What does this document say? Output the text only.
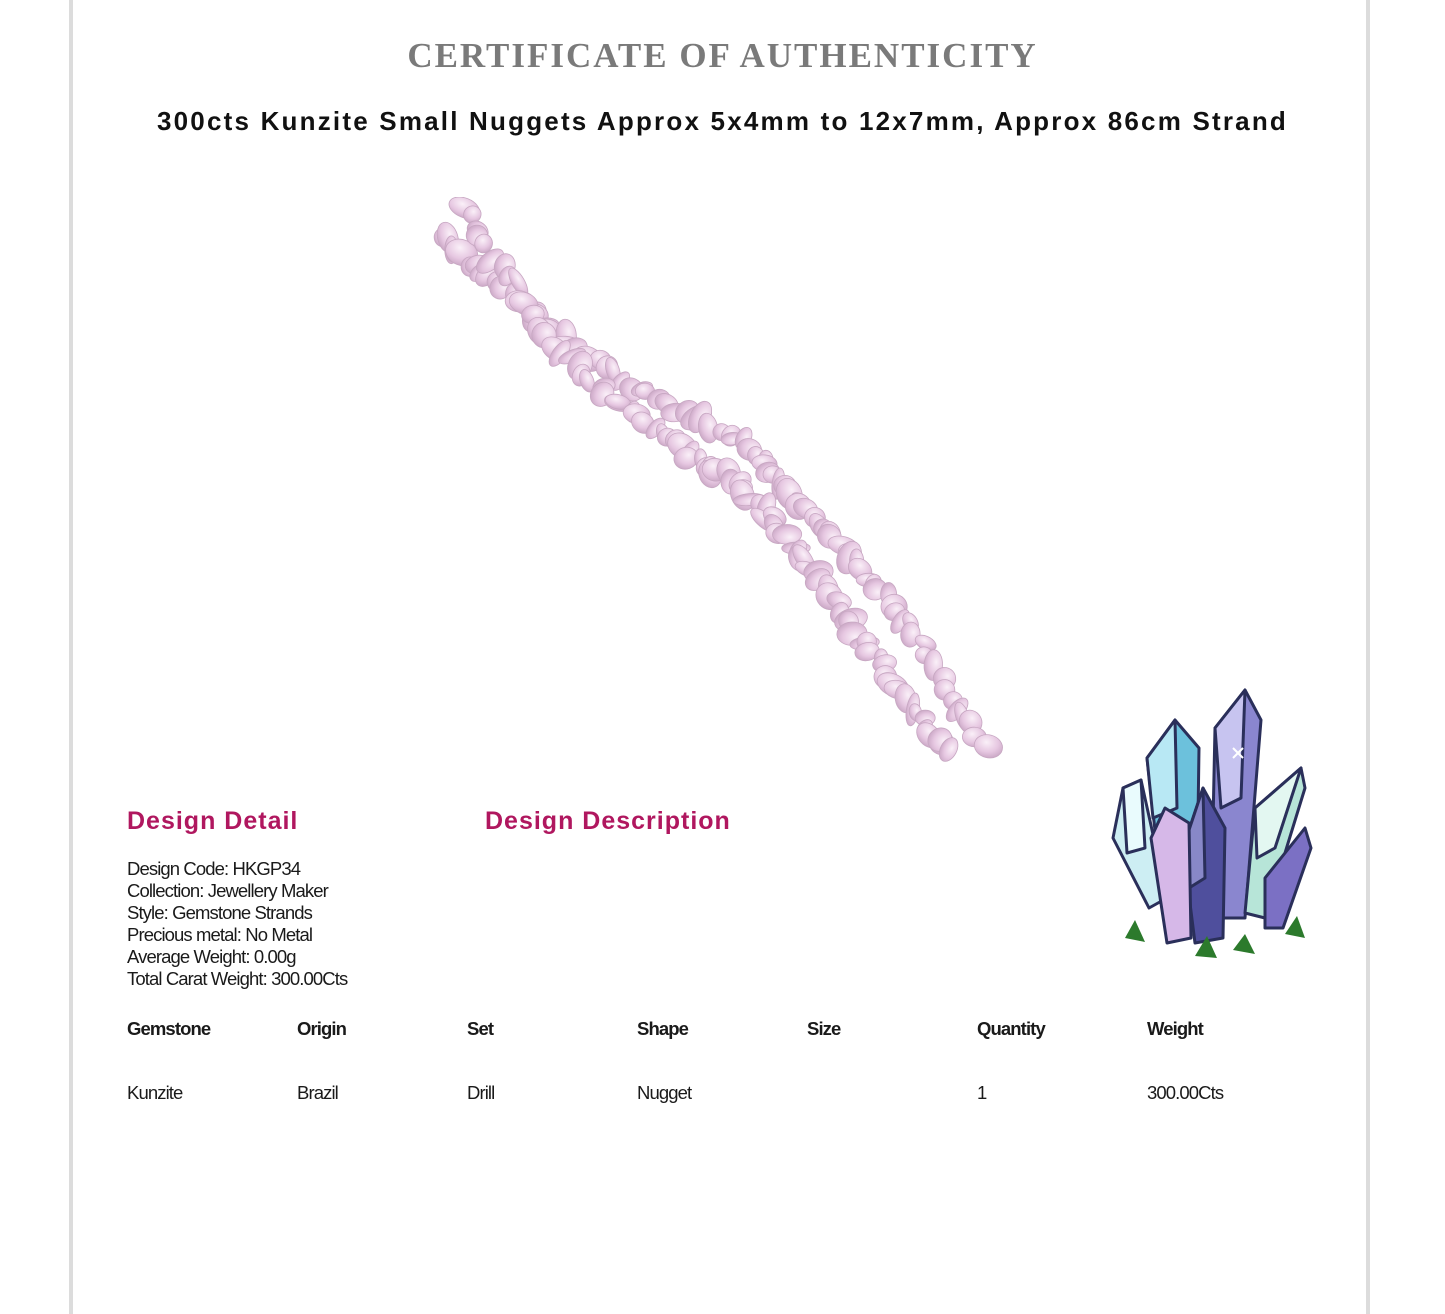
CERTIFICATE OF AUTHENTICITY
300cts Kunzite Small Nuggets Approx 5x4mm to 12x7mm, Approx 86cm Strand
Design Detail	Design Description
Design Code: HKGP34
Collection: Jewellery Maker
Style: Gemstone Strands
Precious metal: No Metal
Average Weight: 0.00g
Total Carat Weight: 300.00Cts
Gemstone	Origin	Set	Shape	Size	Quantity	Weight
Kunzite	Brazil	Drill	Nugget		1	300.00Cts
